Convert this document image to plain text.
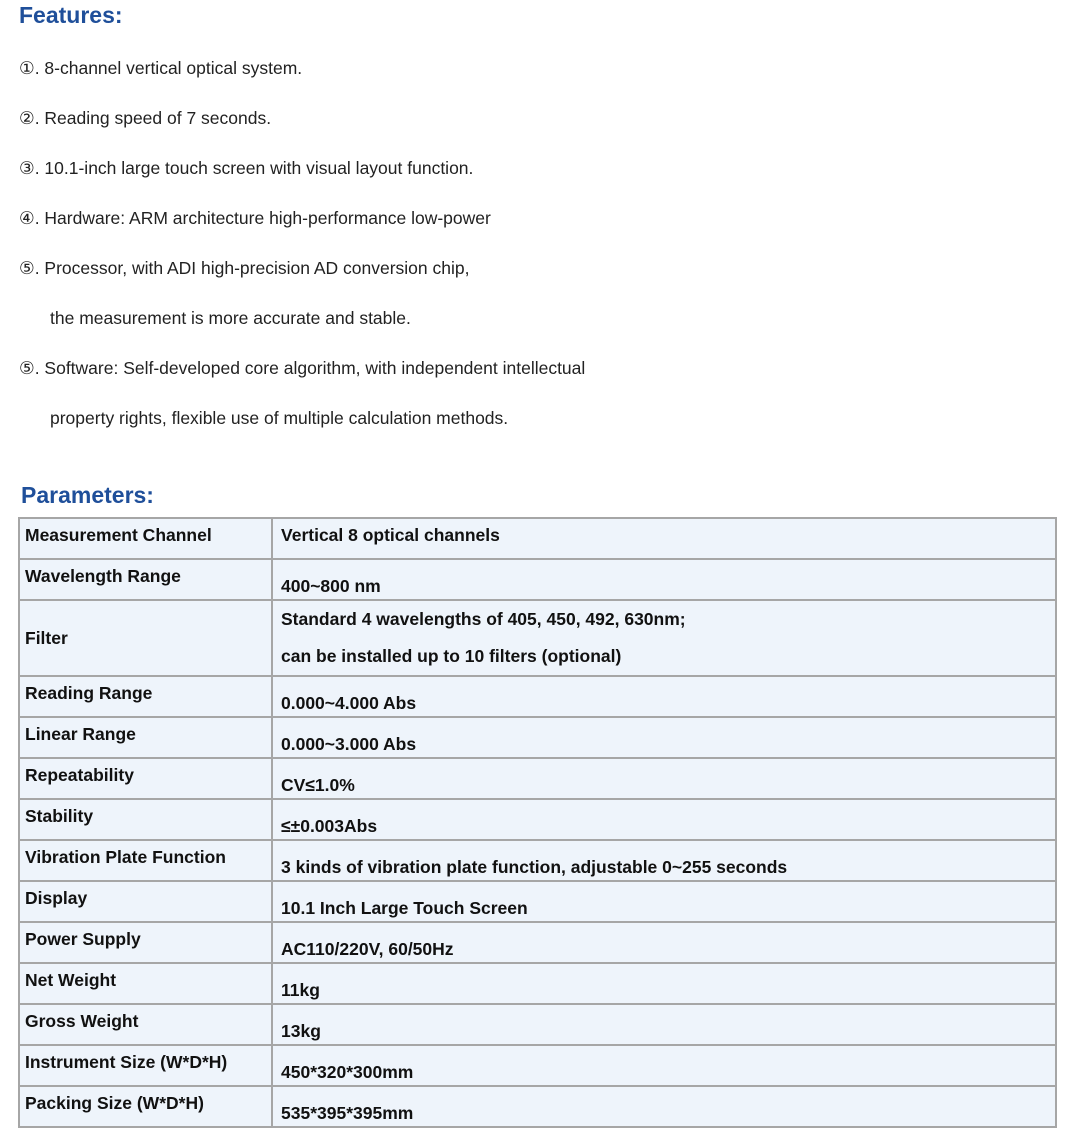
Features:
①. 8-channel vertical optical system.
②. Reading speed of 7 seconds.
③. 10.1-inch large touch screen with visual layout function.
④. Hardware: ARM architecture high-performance low-power
⑤. Processor, with ADI high-precision AD conversion chip,
the measurement is more accurate and stable.
⑤. Software: Self-developed core algorithm, with independent intellectual
property rights, flexible use of multiple calculation methods.
Parameters:
Measurement Channel	Vertical 8 optical channels
Wavelength Range	400~800 nm
Filter	Standard 4 wavelengths of 405, 450, 492, 630nm;
can be installed up to 10 filters (optional)

Reading Range	0.000~4.000 Abs
Linear Range	0.000~3.000 Abs
Repeatability	CV≤1.0%
Stability	≤±0.003Abs
Vibration Plate Function	3 kinds of vibration plate function, adjustable 0~255 seconds
Display	10.1 Inch Large Touch Screen
Power Supply	AC110/220V, 60/50Hz
Net Weight	11kg
Gross Weight	13kg
Instrument Size (W*D*H)	450*320*300mm
Packing Size (W*D*H)	535*395*395mm
